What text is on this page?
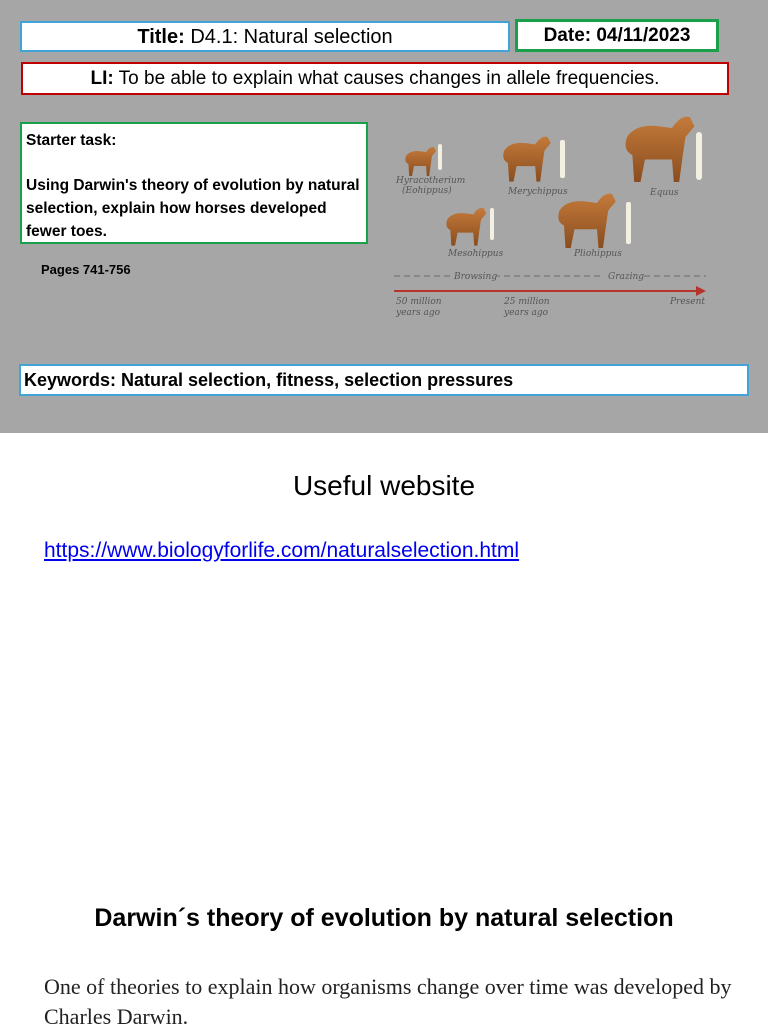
Title: D4.1: Natural selection	Date: 04/11/2023
LI: To be able to explain what causes changes in allele frequencies.
Starter task:
Using Darwin's theory of evolution by natural selection, explain how horses developed fewer toes.
Pages 741-756
Hyracotherium
(Eohippus)	Merychippus	Equus
Mesohippus	Pliohippus
Browsing	Grazing
50 million
years ago
25 million
years ago
Present
Keywords: Natural selection, fitness, selection pressures
Useful website
https://www.biologyforlife.com/naturalselection.html
Darwin´s theory of evolution by natural selection
One of theories to explain how organisms change over time was developed by Charles Darwin.
